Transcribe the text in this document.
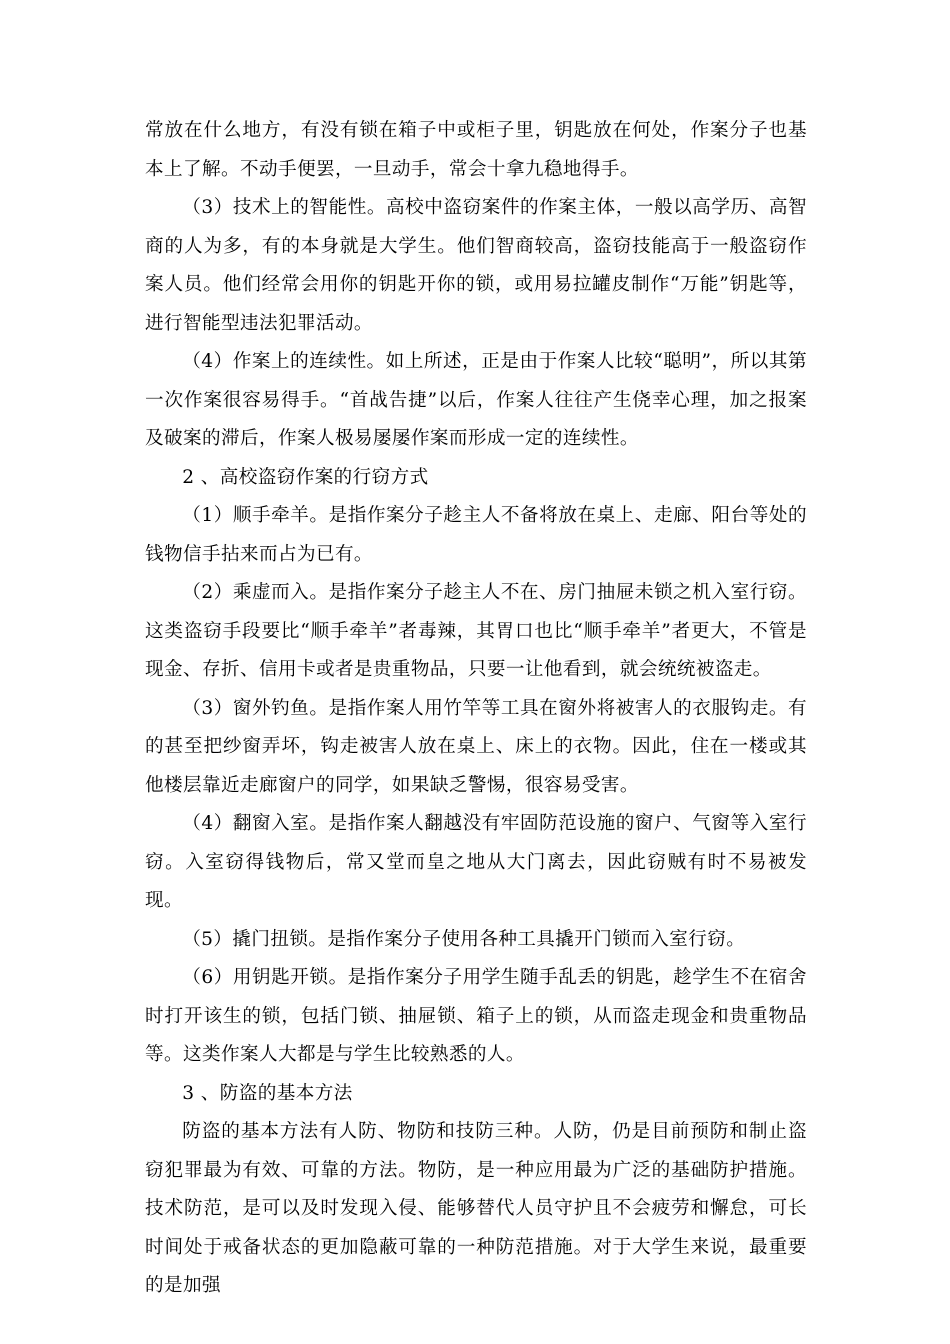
常放在什么地方，有没有锁在箱子中或柜子里，钥匙放在何处，作案分子也基本上了解。不动手便罢，一旦动手，常会十拿九稳地得手。

（3）技术上的智能性。高校中盗窃案件的作案主体，一般以高学历、高智商的人为多，有的本身就是大学生。他们智商较高，盗窃技能高于一般盗窃作案人员。他们经常会用你的钥匙开你的锁，或用易拉罐皮制作“万能”钥匙等，进行智能型违法犯罪活动。

（4）作案上的连续性。如上所述，正是由于作案人比较“聪明”，所以其第一次作案很容易得手。“首战告捷”以后，作案人往往产生侥幸心理，加之报案及破案的滞后，作案人极易屡屡作案而形成一定的连续性。

2 、高校盗窃作案的行窃方式

（1）顺手牵羊。是指作案分子趁主人不备将放在桌上、走廊、阳台等处的钱物信手拈来而占为已有。

（2）乘虚而入。是指作案分子趁主人不在、房门抽屉未锁之机入室行窃。这类盗窃手段要比“顺手牵羊”者毒辣，其胃口也比“顺手牵羊”者更大，不管是现金、存折、信用卡或者是贵重物品，只要一让他看到，就会统统被盗走。

（3）窗外钓鱼。是指作案人用竹竿等工具在窗外将被害人的衣服钩走。有的甚至把纱窗弄坏，钩走被害人放在桌上、床上的衣物。因此，住在一楼或其他楼层靠近走廊窗户的同学，如果缺乏警惕，很容易受害。

（4）翻窗入室。是指作案人翻越没有牢固防范设施的窗户、气窗等入室行窃。入室窃得钱物后，常又堂而皇之地从大门离去，因此窃贼有时不易被发现。

（5）撬门扭锁。是指作案分子使用各种工具撬开门锁而入室行窃。

（6）用钥匙开锁。是指作案分子用学生随手乱丢的钥匙，趁学生不在宿舍时打开该生的锁，包括门锁、抽屉锁、箱子上的锁，从而盗走现金和贵重物品等。这类作案人大都是与学生比较熟悉的人。

3 、防盗的基本方法

防盗的基本方法有人防、物防和技防三种。人防，仍是目前预防和制止盗窃犯罪最为有效、可靠的方法。物防，是一种应用最为广泛的基础防护措施。技术防范，是可以及时发现入侵、能够替代人员守护且不会疲劳和懈怠，可长时间处于戒备状态的更加隐蔽可靠的一种防范措施。对于大学生来说，最重要的是加强
